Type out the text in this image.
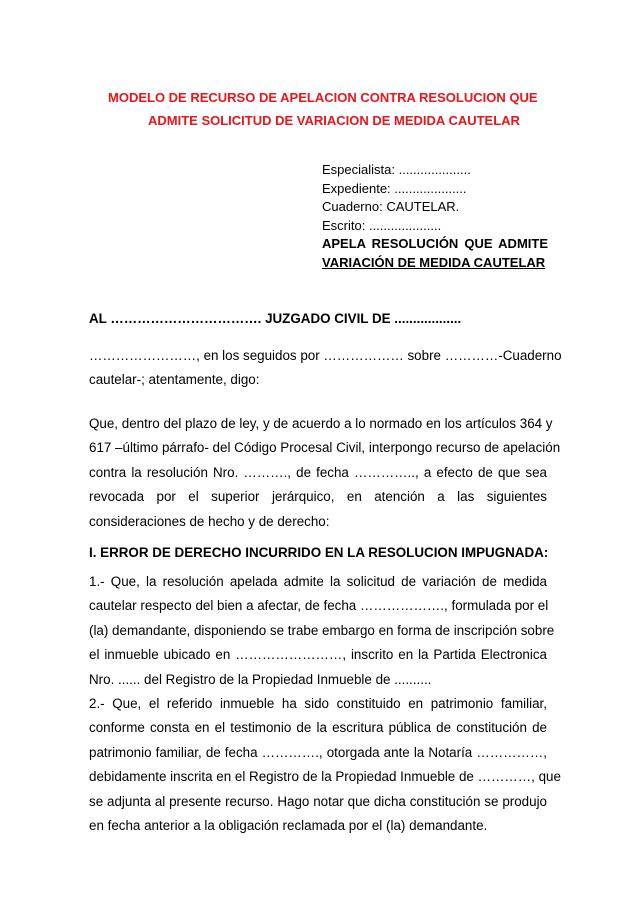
MODELO DE RECURSO DE APELACION CONTRA RESOLUCION QUE
ADMITE SOLICITUD DE VARIACION DE MEDIDA CAUTELAR
Especialista: ....................
Expediente: ....................
Cuaderno: CAUTELAR.
Escrito: ....................
APELA RESOLUCIÓN QUE ADMITE
VARIACIÓN DE MEDIDA CAUTELAR
AL ……………………………. JUZGADO CIVIL DE ..................
……………………, en los seguidos por ……………… sobre …………-Cuaderno
cautelar-; atentamente, digo:
Que, dentro del plazo de ley, y de acuerdo a lo normado en los artículos 364 y
617 –último párrafo- del Código Procesal Civil, interpongo recurso de apelación
contra la resolución Nro. ………., de fecha ………….., a efecto de que sea
revocada por el superior jerárquico, en atención a las siguientes
consideraciones de hecho y de derecho:
I. ERROR DE DERECHO INCURRIDO EN LA RESOLUCION IMPUGNADA:
1.- Que, la resolución apelada admite la solicitud de variación de medida
cautelar respecto del bien a afectar, de fecha ………………., formulada por el
(la) demandante, disponiendo se trabe embargo en forma de inscripción sobre
el inmueble ubicado en ……………………, inscrito en la Partida Electronica
Nro. ...... del Registro de la Propiedad Inmueble de ..........
2.- Que, el referido inmueble ha sido constituido en patrimonio familiar,
conforme consta en el testimonio de la escritura pública de constitución de
patrimonio familiar, de fecha …………., otorgada ante la Notaría ……………,
debidamente inscrita en el Registro de la Propiedad Inmueble de …………, que
se adjunta al presente recurso. Hago notar que dicha constitución se produjo
en fecha anterior a la obligación reclamada por el (la) demandante.
